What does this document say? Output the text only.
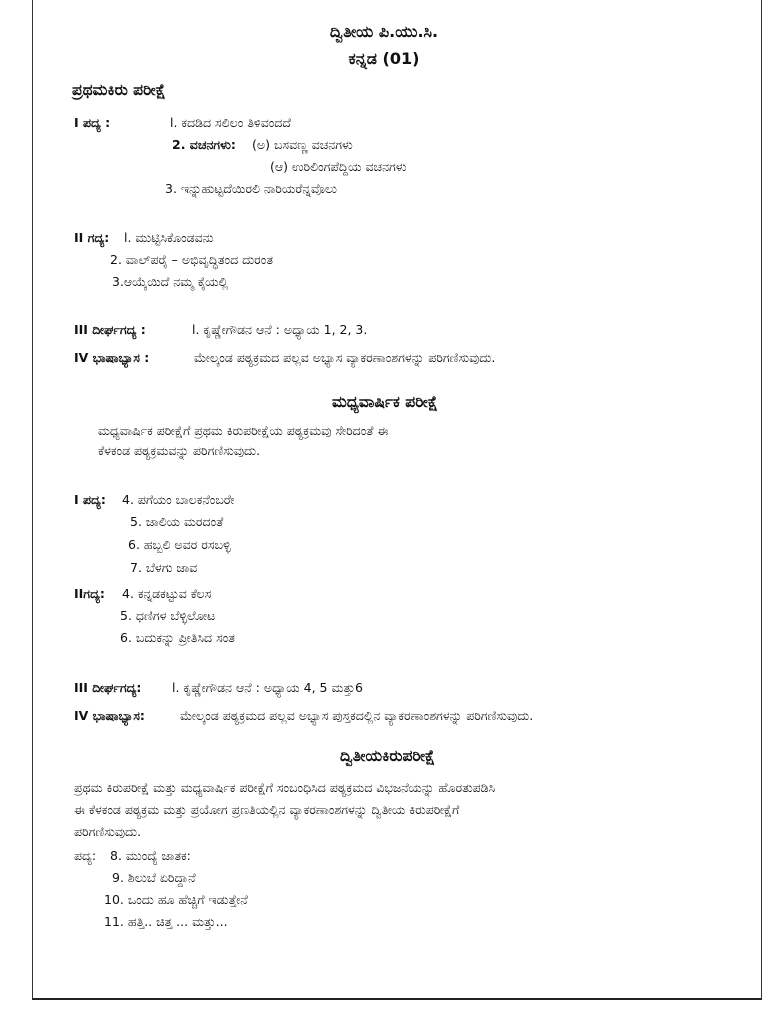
ದ್ವಿತೀಯ ಪಿ.ಯು.ಸಿ.
ಕನ್ನಡ (01)
ಪ್ರಥಮಕಿರು ಪರೀಕ್ಷೆ
I ಪದ್ಯ :	l. ಕದಡಿದ ಸಲಿಲಂ ತಿಳಿವಂದದೆ
2. ವಚನಗಳು: (ಅ) ಬಸವಣ್ಣ ವಚನಗಳು
(ಆ) ಉರಿಲಿಂಗಪೆದ್ದಿಯ ವಚನಗಳು
3. ಇನ್ನುಹುಟ್ಟದೆಯಿರಲಿ ನಾರಿಯರೆನ್ನವೊಲು
II ಗದ್ಯ: l. ಮುಟ್ಟಿಸಿಕೊಂಡವನು
2. ವಾಲ್‌ಪರೈ – ಅಭಿವೃದ್ಧಿತಂದ ದುರಂತ
3.ಆಯ್ಕೆಯಿದೆ ನಮ್ಮ ಕೈಯಲ್ಲಿ
III ದೀರ್ಘಗದ್ಯ :	l. ಕೃಷ್ಣೇಗೌಡನ ಆನೆ : ಅಧ್ಯಾಯ 1, 2, 3.
IV ಭಾಷಾಭ್ಯಾಸ :	ಮೇಲ್ಕಂಡ ಪಠ್ಯಕ್ರಮದ ಪಲ್ಲವ ಅಭ್ಯಾಸ ವ್ಯಾಕರಣಾಂಶಗಳನ್ನು ಪರಿಗಣಿಸುವುದು.
ಮಧ್ಯವಾರ್ಷಿಕ ಪರೀಕ್ಷೆ
ಮಧ್ಯವಾರ್ಷಿಕ ಪರೀಕ್ಷೆಗೆ ಪ್ರಥಮ ಕಿರುಪರೀಕ್ಷೆಯ ಪಠ್ಯಕ್ರಮವು ಸೇರಿದಂತೆ ಈ
ಕೆಳಕಂಡ ಪಠ್ಯಕ್ರಮವನ್ನು ಪರಿಗಣಿಸುವುದು.
I ಪದ್ಯ: 4. ಪಗೆಯಂ ಬಾಲಕನೆಂಬರೇ
5. ಜಾಲಿಯ ಮರದಂತೆ
6. ಹಬ್ಬಲಿ ಅವರ ರಸಬಳ್ಳಿ
7. ಬೆಳಗು ಜಾವ
IIಗದ್ಯ: 4. ಕನ್ನಡಕಟ್ಟುವ ಕೆಲಸ
5. ಧಣಿಗಳ ಬೆಳ್ಳಿಲೋಟ
6. ಬದುಕನ್ನು ಪ್ರೀತಿಸಿದ ಸಂತ
III ದೀರ್ಘಗದ್ಯ: l. ಕೃಷ್ಣೇಗೌಡನ ಆನೆ : ಅಧ್ಯಾಯ 4, 5 ಮತ್ತು6
IV ಭಾಷಾಭ್ಯಾಸ:	ಮೇಲ್ಕಂಡ ಪಠ್ಯಕ್ರಮದ ಪಲ್ಲವ ಅಭ್ಯಾಸ ಪುಸ್ತಕದಲ್ಲಿನ ವ್ಯಾಕರಣಾಂಶಗಳನ್ನು ಪರಿಗಣಿಸುವುದು.
ದ್ವಿತೀಯಕಿರುಪರೀಕ್ಷೆ
ಪ್ರಥಮ ಕಿರುಪರೀಕ್ಷೆ ಮತ್ತು ಮಧ್ಯವಾರ್ಷಿಕ ಪರೀಕ್ಷೆಗೆ ಸಂಬಂಧಿಸಿದ ಪಠ್ಯಕ್ರಮದ ವಿಭಜನೆಯನ್ನು ಹೊರತುಪಡಿಸಿ
ಈ ಕೆಳಕಂಡ ಪಠ್ಯಕ್ರಮ ಮತ್ತು ಪ್ರಯೋಗ ಪ್ರಣತಿಯಲ್ಲಿನ ವ್ಯಾಕರಣಾಂಶಗಳನ್ನು ದ್ವಿತೀಯ ಕಿರುಪರೀಕ್ಷೆಗೆ
ಪರಿಗಣಿಸುವುದು.
ಪದ್ಯ: 8. ಮುಂದ್ಯೆ ಜಾತಕ:
9. ಶಿಲುಬೆ ಏರಿದ್ದಾನೆ
10. ಒಂದು ಹೂ ಹೆಚ್ಚಿಗೆ ಇಡುತ್ತೇನೆ
11. ಹತ್ತಿ.. ಚಿತ್ತ ... ಮತ್ತು...
